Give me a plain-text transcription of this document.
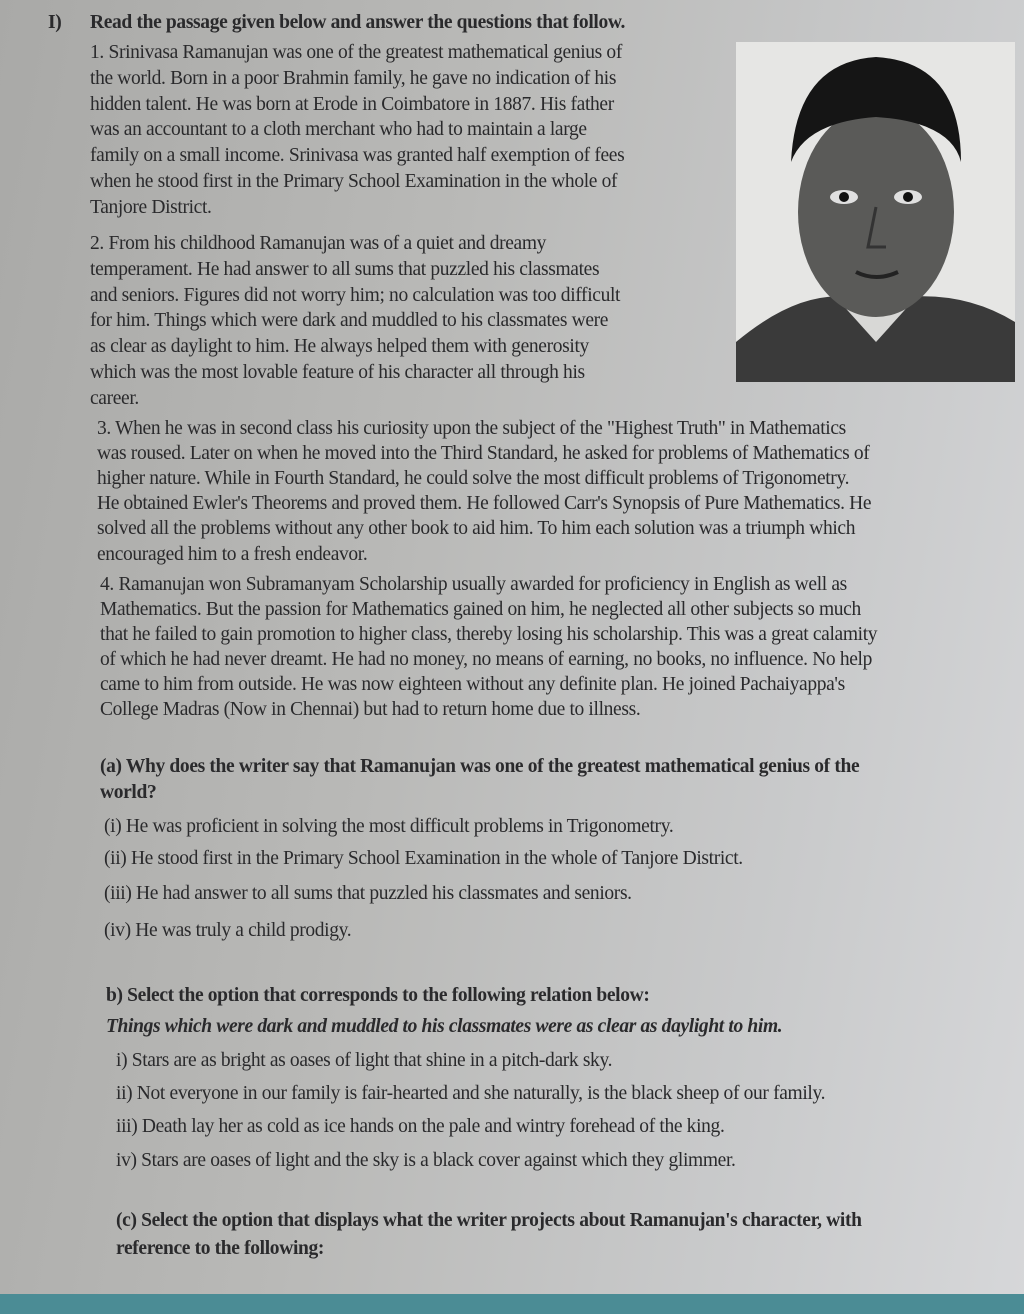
I) Read the passage given below and answer the questions that follow.
1. Srinivasa Ramanujan was one of the greatest mathematical genius of
the world. Born in a poor Brahmin family, he gave no indication of his
hidden talent. He was born at Erode in Coimbatore in 1887. His father
was an accountant to a cloth merchant who had to maintain a large
family on a small income. Srinivasa was granted half exemption of fees
when he stood first in the Primary School Examination in the whole of
Tanjore District.
2. From his childhood Ramanujan was of a quiet and dreamy
temperament. He had answer to all sums that puzzled his classmates
and seniors. Figures did not worry him; no calculation was too difficult
for him. Things which were dark and muddled to his classmates were
as clear as daylight to him. He always helped them with generosity
which was the most lovable feature of his character all through his
career.
3. When he was in second class his curiosity upon the subject of the "Highest Truth" in Mathematics
was roused. Later on when he moved into the Third Standard, he asked for problems of Mathematics of
higher nature. While in Fourth Standard, he could solve the most difficult problems of Trigonometry.
He obtained Ewler's Theorems and proved them. He followed Carr's Synopsis of Pure Mathematics. He
solved all the problems without any other book to aid him. To him each solution was a triumph which
encouraged him to a fresh endeavor.
4. Ramanujan won Subramanyam Scholarship usually awarded for proficiency in English as well as
Mathematics. But the passion for Mathematics gained on him, he neglected all other subjects so much
that he failed to gain promotion to higher class, thereby losing his scholarship. This was a great calamity
of which he had never dreamt. He had no money, no means of earning, no books, no influence. No help
came to him from outside. He was now eighteen without any definite plan. He joined Pachaiyappa's
College Madras (Now in Chennai) but had to return home due to illness.
(a) Why does the writer say that Ramanujan was one of the greatest mathematical genius of the
world?
(i) He was proficient in solving the most difficult problems in Trigonometry.
(ii) He stood first in the Primary School Examination in the whole of Tanjore District.
(iii) He had answer to all sums that puzzled his classmates and seniors.
(iv) He was truly a child prodigy.
b) Select the option that corresponds to the following relation below:
Things which were dark and muddled to his classmates were as clear as daylight to him.
i) Stars are as bright as oases of light that shine in a pitch-dark sky.
ii) Not everyone in our family is fair-hearted and she naturally, is the black sheep of our family.
iii) Death lay her as cold as ice hands on the pale and wintry forehead of the king.
iv) Stars are oases of light and the sky is a black cover against which they glimmer.
(c) Select the option that displays what the writer projects about Ramanujan's character, with
reference to the following:
